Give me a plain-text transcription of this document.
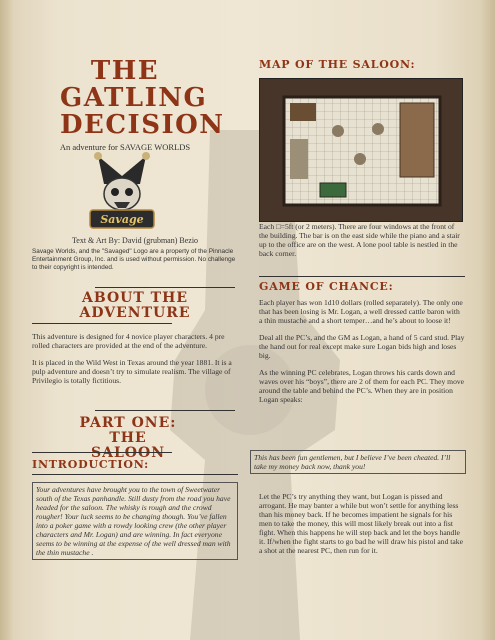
THE GATLING DECISION
An adventure for SAVAGE WORLDS
Savage
Text & Art By: David (grubman) Bezio
Savage Worlds, and the "Savaged" Logo are a property of the Pinnacle Entertainment Group, Inc. and is used without permission. No challenge to their copyright is intended.
ABOUT THE ADVENTURE

This adventure is designed for 4 novice player characters. 4 pre rolled characters are provided at the end of the adventure.

It is placed in the Wild West in Texas around the year 1881. It is a pulp adventure and doesn’t try to simulate realism. The village of Privilegio is totally fictitious.

PART ONE: THE SALOON
INTRODUCTION:
Your adventures have brought you to the town of Sweetwater south of the Texas panhandle. Still dusty from the road you have headed for the saloon. The whisky is rough and the crowd rougher! Your luck seems to be changing though. You’ve fallen into a poker game with a rowdy looking crew (the other player characters and Mr. Logan) and are winning. In fact everyone seems to be winning at the expense of the well dressed man with the thin mustache .
MAP OF THE SALOON:
Each □=5ft (or 2 meters). There are four windows at the front of the building. The bar is on the east side while the piano and a stair up to the office are on the west. A lone pool table is nestled in the back corner.
GAME OF CHANCE:

Each player has won 1d10 dollars (rolled separately). The only one that has been losing is Mr. Logan, a well dressed cattle baron with a thin mustache and a short temper…and he’s about to loose it!

Deal all the PC’s, and the GM as Logan, a hand of 5 card stud. Play the hand out for real except make sure Logan bids high and loses big.

As the winning PC celebrates, Logan throws his cards down and waves over his “boys”, there are 2 of them for each PC. They move around the table and behind the PC’s. When they are in position Logan speaks:

This has been fun gentlemen, but I believe I’ve been cheated. I’ll take my money back now, thank you!
Let the PC’s try anything they want, but Logan is pissed and arrogant. He may banter a while but won’t settle for anything less than his money back. If he becomes impatient he signals for his men to take the money, this will most likely break out into a fist fight. When this happens he will step back and let the boys handle it. If/when the fight starts to go bad he will draw his pistol and take a shot at the nearest PC, then run for it.
